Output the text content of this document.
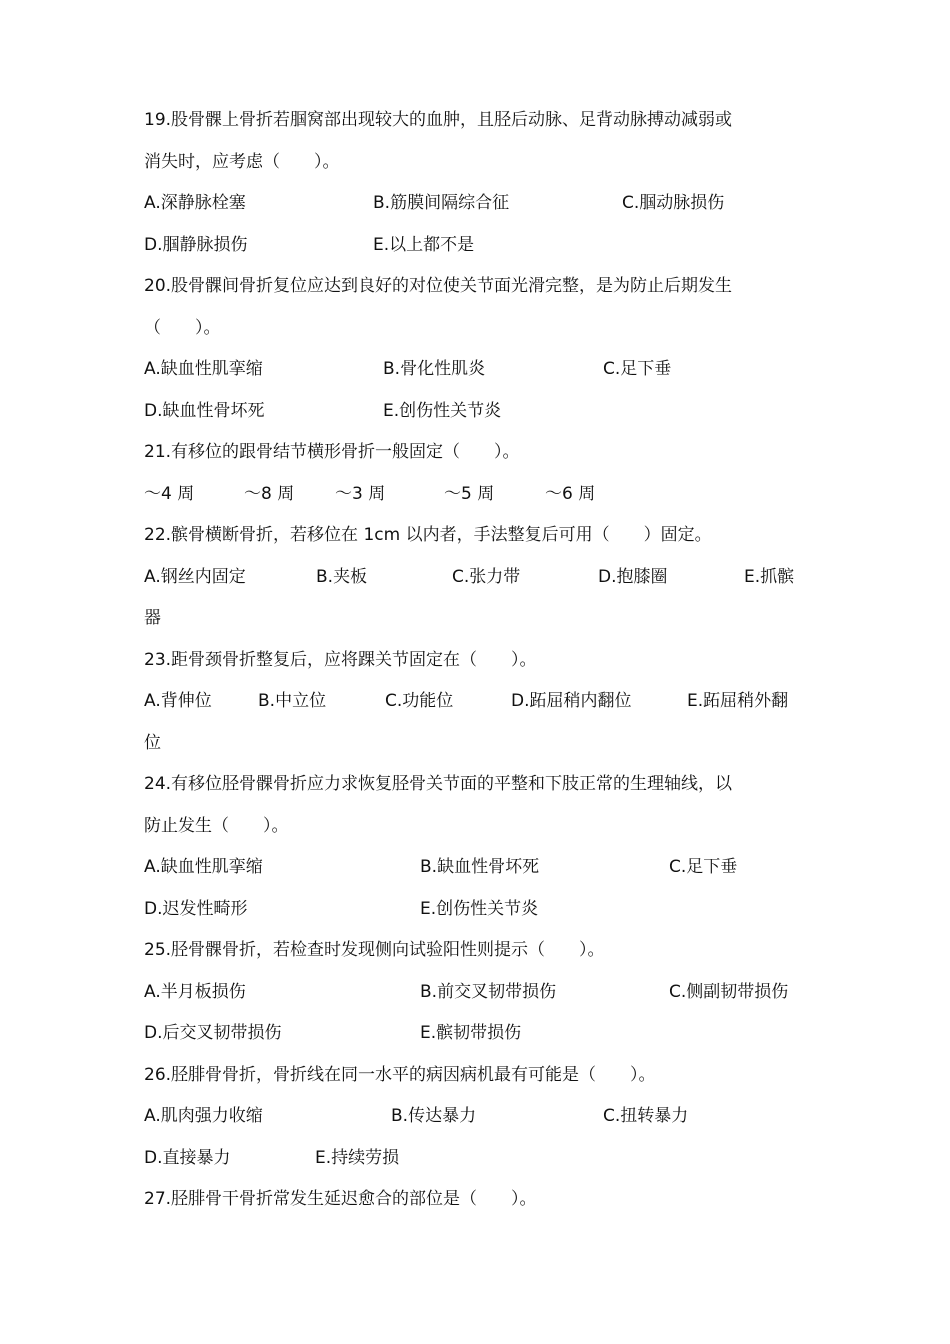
19.股骨髁上骨折若腘窝部出现较大的血肿，且胫后动脉、足背动脉搏动减弱或
消失时，应考虑（　　）。
A.深静脉栓塞	B.筋膜间隔综合征	C.腘动脉损伤
D.腘静脉损伤	E.以上都不是
20.股骨髁间骨折复位应达到良好的对位使关节面光滑完整，是为防止后期发生
（　　）。
A.缺血性肌挛缩	B.骨化性肌炎	C.足下垂
D.缺血性骨坏死	E.创伤性关节炎
21.有移位的跟骨结节横形骨折一般固定（　　）。
～4 周	～8 周 ～3 周	～5 周	～6 周
22.髌骨横断骨折，若移位在 1cm 以内者，手法整复后可用（　　）固定。
A.钢丝内固定	B.夹板	C.张力带	D.抱膝圈	E.抓髌
器
23.距骨颈骨折整复后，应将踝关节固定在（　　）。
A.背伸位	B.中立位	C.功能位	D.跖屈稍内翻位	E.跖屈稍外翻
位
24.有移位胫骨髁骨折应力求恢复胫骨关节面的平整和下肢正常的生理轴线，以
防止发生（　　）。
A.缺血性肌挛缩	B.缺血性骨坏死	C.足下垂
D.迟发性畸形	E.创伤性关节炎
25.胫骨髁骨折，若检查时发现侧向试验阳性则提示（　　）。
A.半月板损伤	B.前交叉韧带损伤	C.侧副韧带损伤
D.后交叉韧带损伤	E.髌韧带损伤
26.胫腓骨骨折，骨折线在同一水平的病因病机最有可能是（　　）。
A.肌肉强力收缩	B.传达暴力	C.扭转暴力
D.直接暴力	E.持续劳损
27.胫腓骨干骨折常发生延迟愈合的部位是（　　）。
